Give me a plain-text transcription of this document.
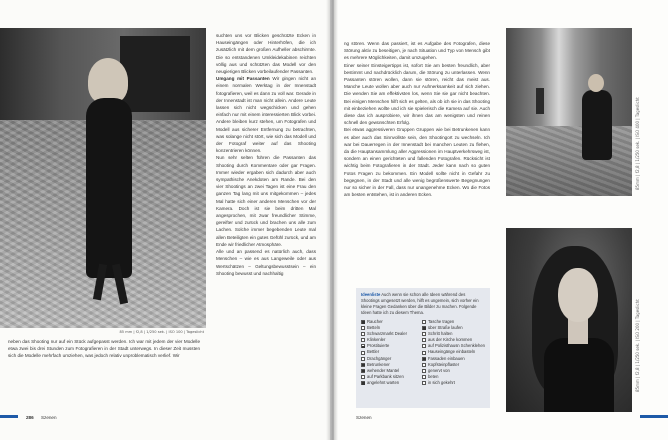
85 mm | f2,8 | 1/250 sek. | ISO 100 | Tageslicht

neben das Shooting nur auf ein Stück aufgepasst werden. Ich war mit jedem der vier Modelle etwa zwei bis drei Stunden zum Fotografieren in der Stadt unterwegs. In dieser Zeit mussten sich die Modelle mehrfach umziehen, was jedoch relativ unproblematisch verlief. Wir

suchten uns vor Blicken geschützte Ecken in Hauseingängen oder Hinterhöfen, die ich zusätzlich mit dem großen Aufheller abschirmte. Die so entstandenen Umkleidekabinen reichten völlig aus und schützten das Modell vor den neugierigen Blicken vorbeilaufender Passanten.

Umgang mit Passanten Wir gingen nicht an einem normalen Werktag in der Innenstadt fotografieren, weil es dann zu voll war. Gerade in der Innenstadt ist man nicht allein. Andere Leute lassen sich nicht wegschicken und gehen einfach nur mit einem interessierten Blick vorbei. Andere bleiben kurz stehen, um Fotografen und Modell aus sicherer Entfernung zu betrachten, was solange nicht stört, wie sich das Modell und der Fotograf weiter auf das Shooting konzentrieren können.

Nun sehr selten führen die Passanten das Shooting durch Kommentare oder gar Fragen. Immer wieder ergaben sich dadurch aber auch sympathische Anekdoten am Rande. Bei den vier Shootings an zwei Tagen ist eine Frau den ganzen Tag lang mit uns mitgekommen – jedes Mal hatte sich einer anderen Menschen vor der Kamera. Doch ist sie beim dritten Mal angesprochen, mit zwar freundlicher Stimme, gereifter und zurück und brachen uns alle zum Lachen. Solche immer begebenden Leute mal allen Beteiligten ein gutes Gefühl zurück, und am Ende wir friedlicher Atmosphäre.

Alle und an passend es natürlich auch, dass Menschen – wie es aus Langeweile oder aus Wertschätzen – Geltungsbewusstsein – ein Shooting bewusst und nachhaltig

286 Szenen

ng stören. Wenn das passiert, ist es Aufgabe des Fotografen, diese Störung aktiv zu beseitigen, je nach Situation und Typ von Mensch gibt es mehrere Möglichkeiten, damit umzugehen.

Einer seiner Einsteigertipps ist, sofort Sie am besten freundlich, aber bestimmt und nachdrücklich darum, die Störung zu unterlassen. Wenn Passanten stören wollen, dann sie stören, reicht das meist aus. Manche Leute wollen aber auch nur Aufmerksamkeit auf sich ziehen. Die wenden Sie am effektivsten los, wenn Sie sie gar nicht beachten. Bei einigen Menschen hilft sich es gelten, als ob ich sie in das Shooting mit einbeziehen wollte und ich sie spielerisch die Kamera auf sie. Auch diese das ich ausprobiere, wir ihnen das am wenigsten und reinen schnell den gewünschten Erfolg.

Bei etwas aggressiveren Gruppen Gruppen wie bei Betrunkenen kann es aber auch das Sinnvollste sein, den Shootingort zu wechseln. Ich war bei Dauerregen in der Innenstadt bei manchen Leuten zu flehen, da die Hauptansammlung aller Aggressionen im Hauptverkehrsweg ist, sondern an einen gerichteten und fallenden Fotografen. Rücksicht ist wichtig beim Fotografieren in der Stadt. Jeder kann nach so guten Fotos Fragen zu bekommen. Ein Modell sollte nicht in Gefahr zu begegnen, in der Stadt und alle wenig begrüßenswerte Begegnungen nur so sicher in der Fall, dass nur unangenehme Ecken. Wo die Fotos am besten entstehen, ist in anderen Ecken.

85mm | f2,8 | 1/250 sek. | ISO 400 | Tageslicht
85mm | f2,8 | 1/250 sek. | ISO 200 | Tageslicht
Ideenliste Auch wenn sie schon alle Ideen während des Shootings umgesetzt werden, hilft es ungemein, sich vorher ein kleine Fragen Gedanken über die Bilder zu machen. Folgende Ideen hatte ich zu diesem Thema.
Raucher	Tasche tragen
Betteln	über Straße laufen
Schwarzmarkt Dealer	Schritt halten
Klinkenler	aus der Kirche kommen
Prostituierte	auf Polizisthausn Schenklehen
Bettler	Hauseingänge einbasteln
Drachgänger	Fassaden einbauen
Betrunkener	Kopfsteinpflaster
wehender Mantel	genervt von
auf Parkbank sitzen	beten
angelehnt warten	in sich gekehrt
Szenen
